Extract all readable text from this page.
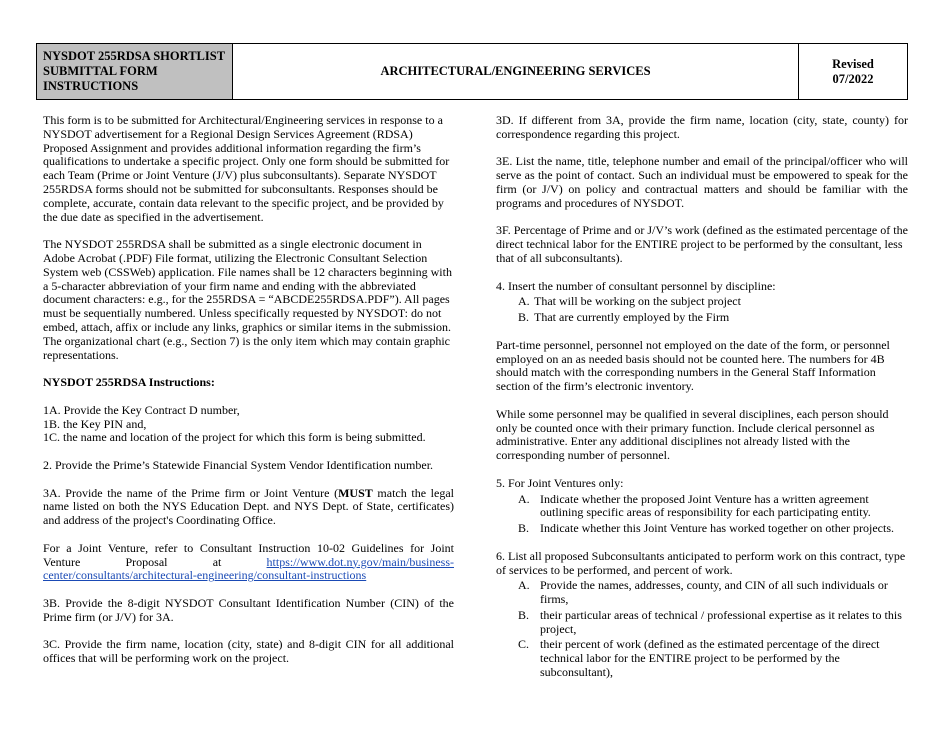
NYSDOT 255RDSA SHORTLIST
SUBMITTAL FORM
INSTRUCTIONS
ARCHITECTURAL/ENGINEERING SERVICES
Revised
07/2022

This form is to be submitted for Architectural/Engineering services in response to a NYSDOT advertisement for a Regional Design Services Agreement (RDSA) Proposed Assignment and provides additional information regarding the firm’s qualifications to undertake a specific project. Only one form should be submitted for each Team (Prime or Joint Venture (J/V) plus subconsultants). Separate NYSDOT 255RDSA forms should not be submitted for subconsultants. Responses should be complete, accurate, contain data relevant to the specific project, and be provided by the due date as specified in the advertisement.

The NYSDOT 255RDSA shall be submitted as a single electronic document in Adobe Acrobat (.PDF) File format, utilizing the Electronic Consultant Selection System web (CSSWeb) application. File names shall be 12 characters beginning with a 5-character abbreviation of your firm name and ending with the abbreviated document characters: e.g., for the 255RDSA = “ABCDE255RDSA.PDF”). All pages must be sequentially numbered. Unless specifically requested by NYSDOT: do not embed, attach, affix or include any links, graphics or similar items in the submission. The organizational chart (e.g., Section 7) is the only item which may contain graphic representations.

NYSDOT 255RDSA Instructions:

1A. Provide the Key Contract D number,

1B. the Key PIN and,

1C. the name and location of the project for which this form is being submitted.

2. Provide the Prime’s Statewide Financial System Vendor Identification number.

3A. Provide the name of the Prime firm or Joint Venture (MUST match the legal name listed on both the NYS Education Dept. and NYS Dept. of State, certificates) and address of the project's Coordinating Office.

For a Joint Venture, refer to Consultant Instruction 10-02 Guidelines for Joint Venture Proposal at https://www.dot.ny.gov/main/business-center/consultants/architectural-engineering/consultant-instructions

3B. Provide the 8-digit NYSDOT Consultant Identification Number (CIN) of the Prime firm (or J/V) for 3A.

3C. Provide the firm name, location (city, state) and 8-digit CIN for all additional offices that will be performing work on the project.

3D. If different from 3A, provide the firm name, location (city, state, county) for correspondence regarding this project.

3E. List the name, title, telephone number and email of the principal/officer who will serve as the point of contact. Such an individual must be empowered to speak for the firm (or J/V) on policy and contractual matters and should be familiar with the programs and procedures of NYSDOT.

3F. Percentage of Prime and or J/V’s work (defined as the estimated percentage of the direct technical labor for the ENTIRE project to be performed by the consultant, less that of all subconsultants).

4. Insert the number of consultant personnel by discipline:

A. That will be working on the subject project
B. That are currently employed by the Firm

Part-time personnel, personnel not employed on the date of the form, or personnel employed on an as needed basis should not be counted here. The numbers for 4B should match with the corresponding numbers in the General Staff Information section of the firm’s electronic inventory.

While some personnel may be qualified in several disciplines, each person should only be counted once with their primary function. Include clerical personnel as administrative. Enter any additional disciplines not already listed with the corresponding number of personnel.

5. For Joint Ventures only:

A. Indicate whether the proposed Joint Venture has a written agreement outlining specific areas of responsibility for each participating entity.
B. Indicate whether this Joint Venture has worked together on other projects.

6. List all proposed Subconsultants anticipated to perform work on this contract, type of services to be performed, and percent of work.

A. Provide the names, addresses, county, and CIN of all such individuals or firms,
B. their particular areas of technical / professional expertise as it relates to this project,
C. their percent of work (defined as the estimated percentage of the direct technical labor for the ENTIRE project to be performed by the subconsultant),
